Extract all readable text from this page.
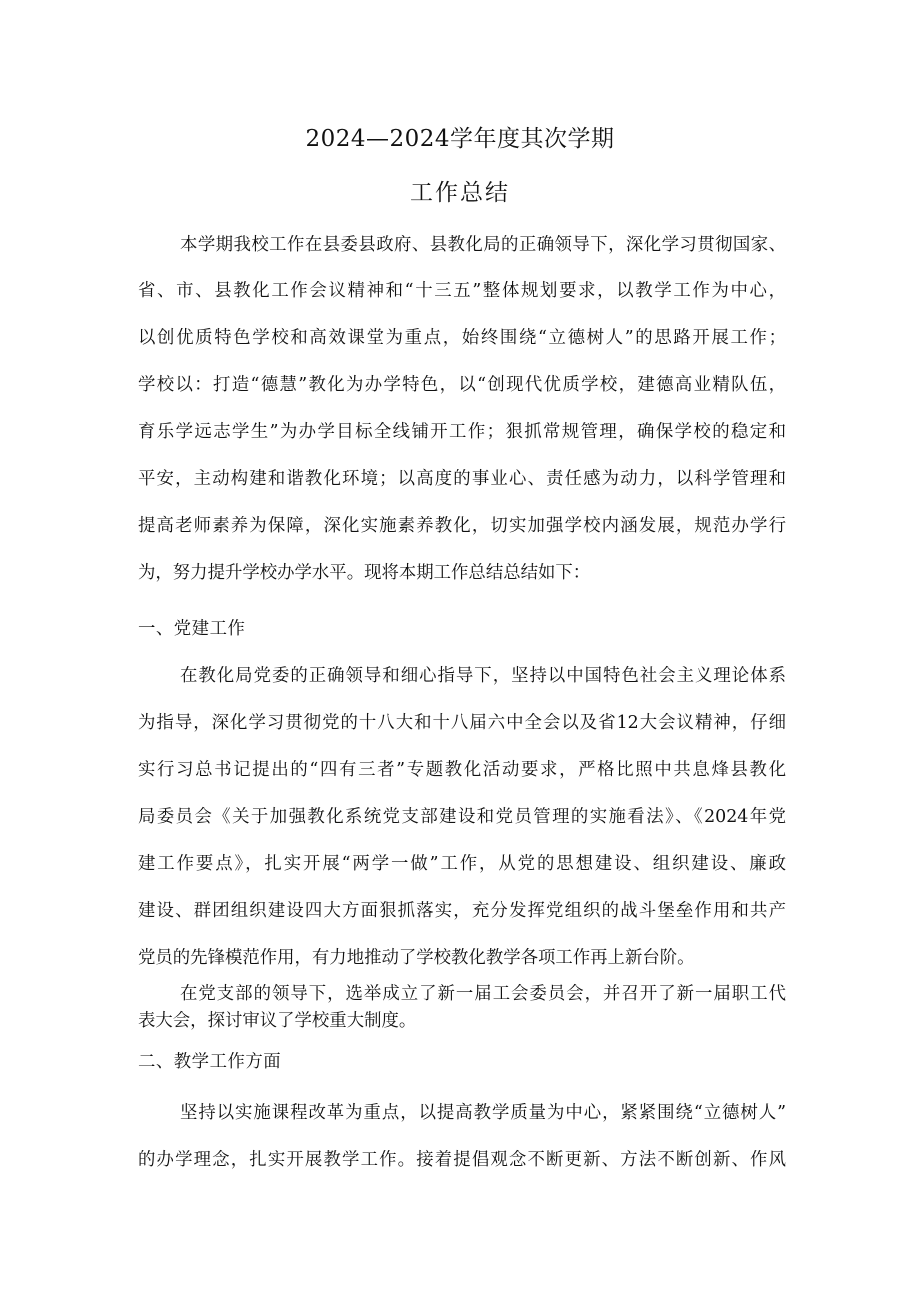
2024—2024学年度其次学期
工作总结
本学期我校工作在县委县政府、县教化局的正确领导下，深化学习贯彻国家、
省、市、县教化工作会议精神和“十三五”整体规划要求，以教学工作为中心，
以创优质特色学校和高效课堂为重点，始终围绕“立德树人”的思路开展工作；
学校以：打造“德慧”教化为办学特色，以“创现代优质学校，建德高业精队伍，
育乐学远志学生”为办学目标全线铺开工作；狠抓常规管理，确保学校的稳定和
平安，主动构建和谐教化环境；以高度的事业心、责任感为动力，以科学管理和
提高老师素养为保障，深化实施素养教化，切实加强学校内涵发展，规范办学行
为，努力提升学校办学水平。现将本期工作总结总结如下：
一、党建工作
在教化局党委的正确领导和细心指导下，坚持以中国特色社会主义理论体系
为指导，深化学习贯彻党的十八大和十八届六中全会以及省12大会议精神，仔细
实行习总书记提出的“四有三者”专题教化活动要求，严格比照中共息烽县教化
局委员会《关于加强教化系统党支部建设和党员管理的实施看法》、《2024年党
建工作要点》，扎实开展“两学一做”工作，从党的思想建设、组织建设、廉政
建设、群团组织建设四大方面狠抓落实，充分发挥党组织的战斗堡垒作用和共产
党员的先锋模范作用，有力地推动了学校教化教学各项工作再上新台阶。
在党支部的领导下，选举成立了新一届工会委员会，并召开了新一届职工代
表大会，探讨审议了学校重大制度。
二、教学工作方面
坚持以实施课程改革为重点，以提高教学质量为中心，紧紧围绕“立德树人”
的办学理念，扎实开展教学工作。接着提倡观念不断更新、方法不断创新、作风
